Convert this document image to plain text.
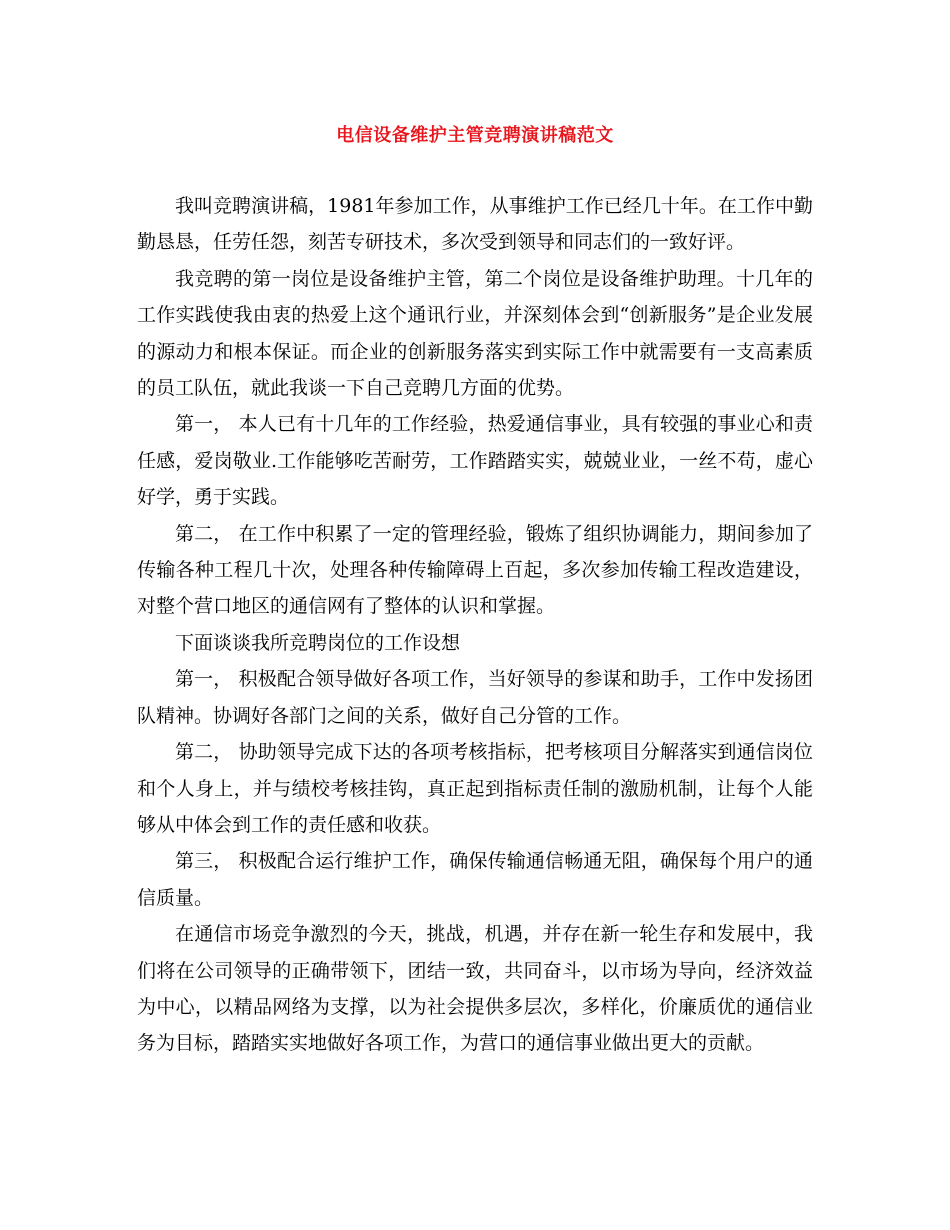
电信设备维护主管竞聘演讲稿范文

我叫竞聘演讲稿，1981年参加工作，从事维护工作已经几十年。在工作中勤勤恳恳，任劳任怨，刻苦专研技术，多次受到领导和同志们的一致好评。

我竞聘的第一岗位是设备维护主管，第二个岗位是设备维护助理。十几年的工作实践使我由衷的热爱上这个通讯行业，并深刻体会到“创新服务”是企业发展的源动力和根本保证。而企业的创新服务落实到实际工作中就需要有一支高素质的员工队伍，就此我谈一下自己竞聘几方面的优势。

第一， 本人已有十几年的工作经验，热爱通信事业，具有较强的事业心和责任感，爱岗敬业.工作能够吃苦耐劳，工作踏踏实实，兢兢业业，一丝不苟，虚心好学，勇于实践。

第二， 在工作中积累了一定的管理经验，锻炼了组织协调能力，期间参加了传输各种工程几十次，处理各种传输障碍上百起，多次参加传输工程改造建设，对整个营口地区的通信网有了整体的认识和掌握。

下面谈谈我所竞聘岗位的工作设想

第一， 积极配合领导做好各项工作，当好领导的参谋和助手，工作中发扬团队精神。协调好各部门之间的关系，做好自己分管的工作。

第二， 协助领导完成下达的各项考核指标，把考核项目分解落实到通信岗位和个人身上，并与绩校考核挂钩，真正起到指标责任制的激励机制，让每个人能够从中体会到工作的责任感和收获。

第三， 积极配合运行维护工作，确保传输通信畅通无阻，确保每个用户的通信质量。

在通信市场竞争激烈的今天，挑战，机遇，并存在新一轮生存和发展中，我们将在公司领导的正确带领下，团结一致，共同奋斗，以市场为导向，经济效益为中心，以精品网络为支撑，以为社会提供多层次，多样化，价廉质优的通信业务为目标，踏踏实实地做好各项工作，为营口的通信事业做出更大的贡献。
